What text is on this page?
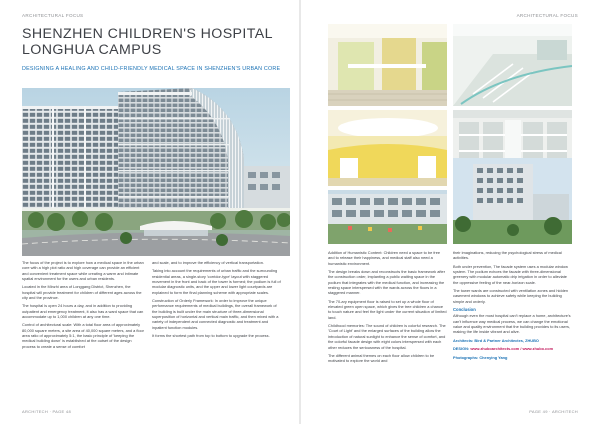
ARCHITECTURAL FOCUS
SHENZHEN CHILDREN'S HOSPITAL LONGHUA CAMPUS
DESIGNING A HEALING AND CHILD-FRIENDLY MEDICAL SPACE IN SHENZHEN'S URBAN CORE

The focus of the project is to explore how a medical space in the urban core with a high plot ratio and high coverage can provide an efficient and convenient treatment space while creating a warm and intimate spatial environment for the users and urban residents.

Located in the Minzhi area of Longgang District, Shenzhen, the hospital will provide treatment for children of different ages across the city and the province.

The hospital is open 24 hours a day, and in addition to providing outpatient and emergency treatment, it also has a ward space that can accommodate up to 1,000 children at any one time.

Control of architectural scale: With a total floor area of approximately 80,000 square meters, a site area of 40,000 square meters, and a floor area ratio of approximately 5:1, the basic principle of 'keeping the medical building down' is established at the outset of the design process to create a sense of comfort

and scale, and to improve the efficiency of vertical transportation.

Taking into account the requirements of urban traffic and the surrounding residential areas, a single-story 'corridor-type' layout with staggered movement in the front and back of the tower is formed; the podium is full of modular diagnostic units, and the upper and lower light courtyards are explained to form the final planning scheme with appropriate scales.

Construction of Orderly Framework: In order to improve the unique performance requirements of medical buildings, the overall framework of the building is built under the main structure of three-dimensional superposition of horizontal and vertical main traffic, and then mixed with a variety of independent and connected diagnostic and treatment and inpatient function modules.

It forms the shortest path from top to bottom to upgrade the process.

ARCHITECH · PAGE 48
ARCHITECTURAL FOCUS

Addition of Humanistic Content: Children need a space to be free and to release their happiness, and medical staff also need a humanistic environment.

The design breaks down and reconstructs the basic framework after the construction order, implanting a public waiting space in the podium that integrates with the medical function, and increasing the resting space interspersed with the wards across the floors in a staggered manner.

The 70-ary equipment floor is raised to set up a whole floor of elevated green open space, which gives the tree children a chance to touch nature and feel the light under the current situation of limited land.

Childhood memories: The sound of children is colorful research. The 'Court of Light' and the enlarged surfaces of the building allow the introduction of natural sunlight to enhance the sense of comfort, and the colorful facade design with eight colors interspersed with each other reduces the seriousness of the hospital.

The different animal themes on each floor allow children to be motivated to explore the world and

their imaginations, reducing the psychological stress of medical activities.

Both under prevention, The facade system uses a modular window system. The podium echoes the facade with three-dimensional greenery with modular automatic drip irrigation in order to alleviate the oppressive feeling of the near-horizon scale.

The tower wards are constructed with ventilation zones and hidden casement windows to achieve safety while keeping the building simple and orderly.

Conclusion

Although even the most hospital can't replace a home, architecture's can't influence way medical process, we can change the emotional value and quality environment that the building provides to its users, making the life inside vibrant and alive.

Architects: Bird & Partner Architectes, ZHUBO

DESIGN: www.zhuboarchitects.com / www.zhubo.com

Photographs: Chenying Yang

PAGE 49 · ARCHITECH
